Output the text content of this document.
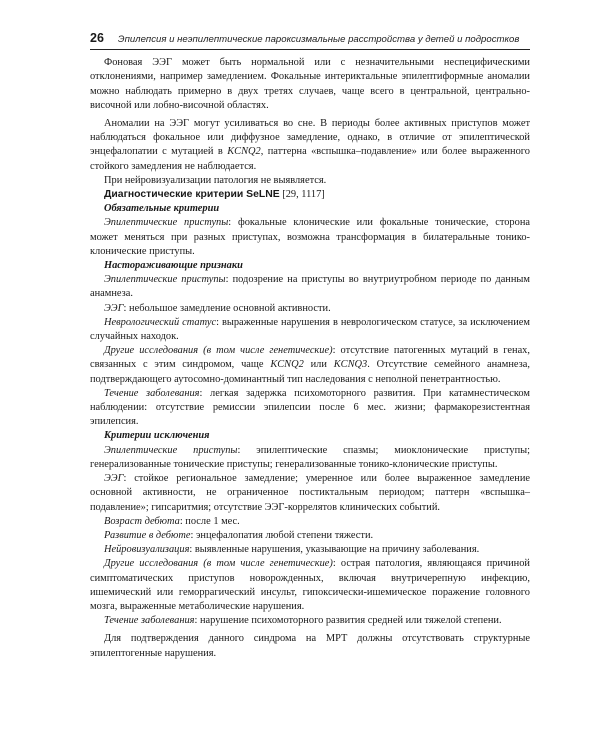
26 Эпилепсия и неэпилептические пароксизмальные расстройства у детей и подростков

Фоновая ЭЭГ может быть нормальной или с незначительными неспецифическими отклонениями, например замедлением. Фокальные интериктальные эпилептиформные аномалии можно наблюдать примерно в двух третях случаев, чаще всего в центральной, центрально-височной или лобно-височной областях.

Аномалии на ЭЭГ могут усиливаться во сне. В периоды более активных приступов может наблюдаться фокальное или диффузное замедление, однако, в отличие от эпилептической энцефалопатии с мутацией в KCNQ2, паттерна «вспышка–подавление» или более выраженного стойкого замедления не наблюдается.

При нейровизуализации патология не выявляется.

Диагностические критерии SeLNE [29, 1117]
Обязательные критерии

Эпилептические приступы: фокальные клонические или фокальные тонические, сторона может меняться при разных приступах, возможна трансформация в билатеральные тонико-клонические приступы.

Настораживающие признаки

Эпилептические приступы: подозрение на приступы во внутриутробном периоде по данным анамнеза.

ЭЭГ: небольшое замедление основной активности.

Неврологический статус: выраженные нарушения в неврологическом статусе, за исключением случайных находок.

Другие исследования (в том числе генетические): отсутствие патогенных мутаций в генах, связанных с этим синдромом, чаще KCNQ2 или KCNQ3. Отсутствие семейного анамнеза, подтверждающего аутосомно-доминантный тип наследования с неполной пенетрантностью.

Течение заболевания: легкая задержка психомоторного развития. При катамнестическом наблюдении: отсутствие ремиссии эпилепсии после 6 мес. жизни; фармакорезистентная эпилепсия.

Критерии исключения

Эпилептические приступы: эпилептические спазмы; миоклонические приступы; генерализованные тонические приступы; генерализованные тонико-клонические приступы.

ЭЭГ: стойкое региональное замедление; умеренное или более выраженное замедление основной активности, не ограниченное постиктальным периодом; паттерн «вспышка–подавление»; гипсаритмия; отсутствие ЭЭГ-коррелятов клинических событий.

Возраст дебюта: после 1 мес.

Развитие в дебюте: энцефалопатия любой степени тяжести.

Нейровизуализация: выявленные нарушения, указывающие на причину заболевания.

Другие исследования (в том числе генетические): острая патология, являющаяся причиной симптоматических приступов новорожденных, включая внутричерепную инфекцию, ишемический или геморрагический инсульт, гипоксически-ишемическое поражение головного мозга, выраженные метаболические нарушения.

Течение заболевания: нарушение психомоторного развития средней или тяжелой степени.

Для подтверждения данного синдрома на МРТ должны отсутствовать структурные эпилептогенные нарушения.
